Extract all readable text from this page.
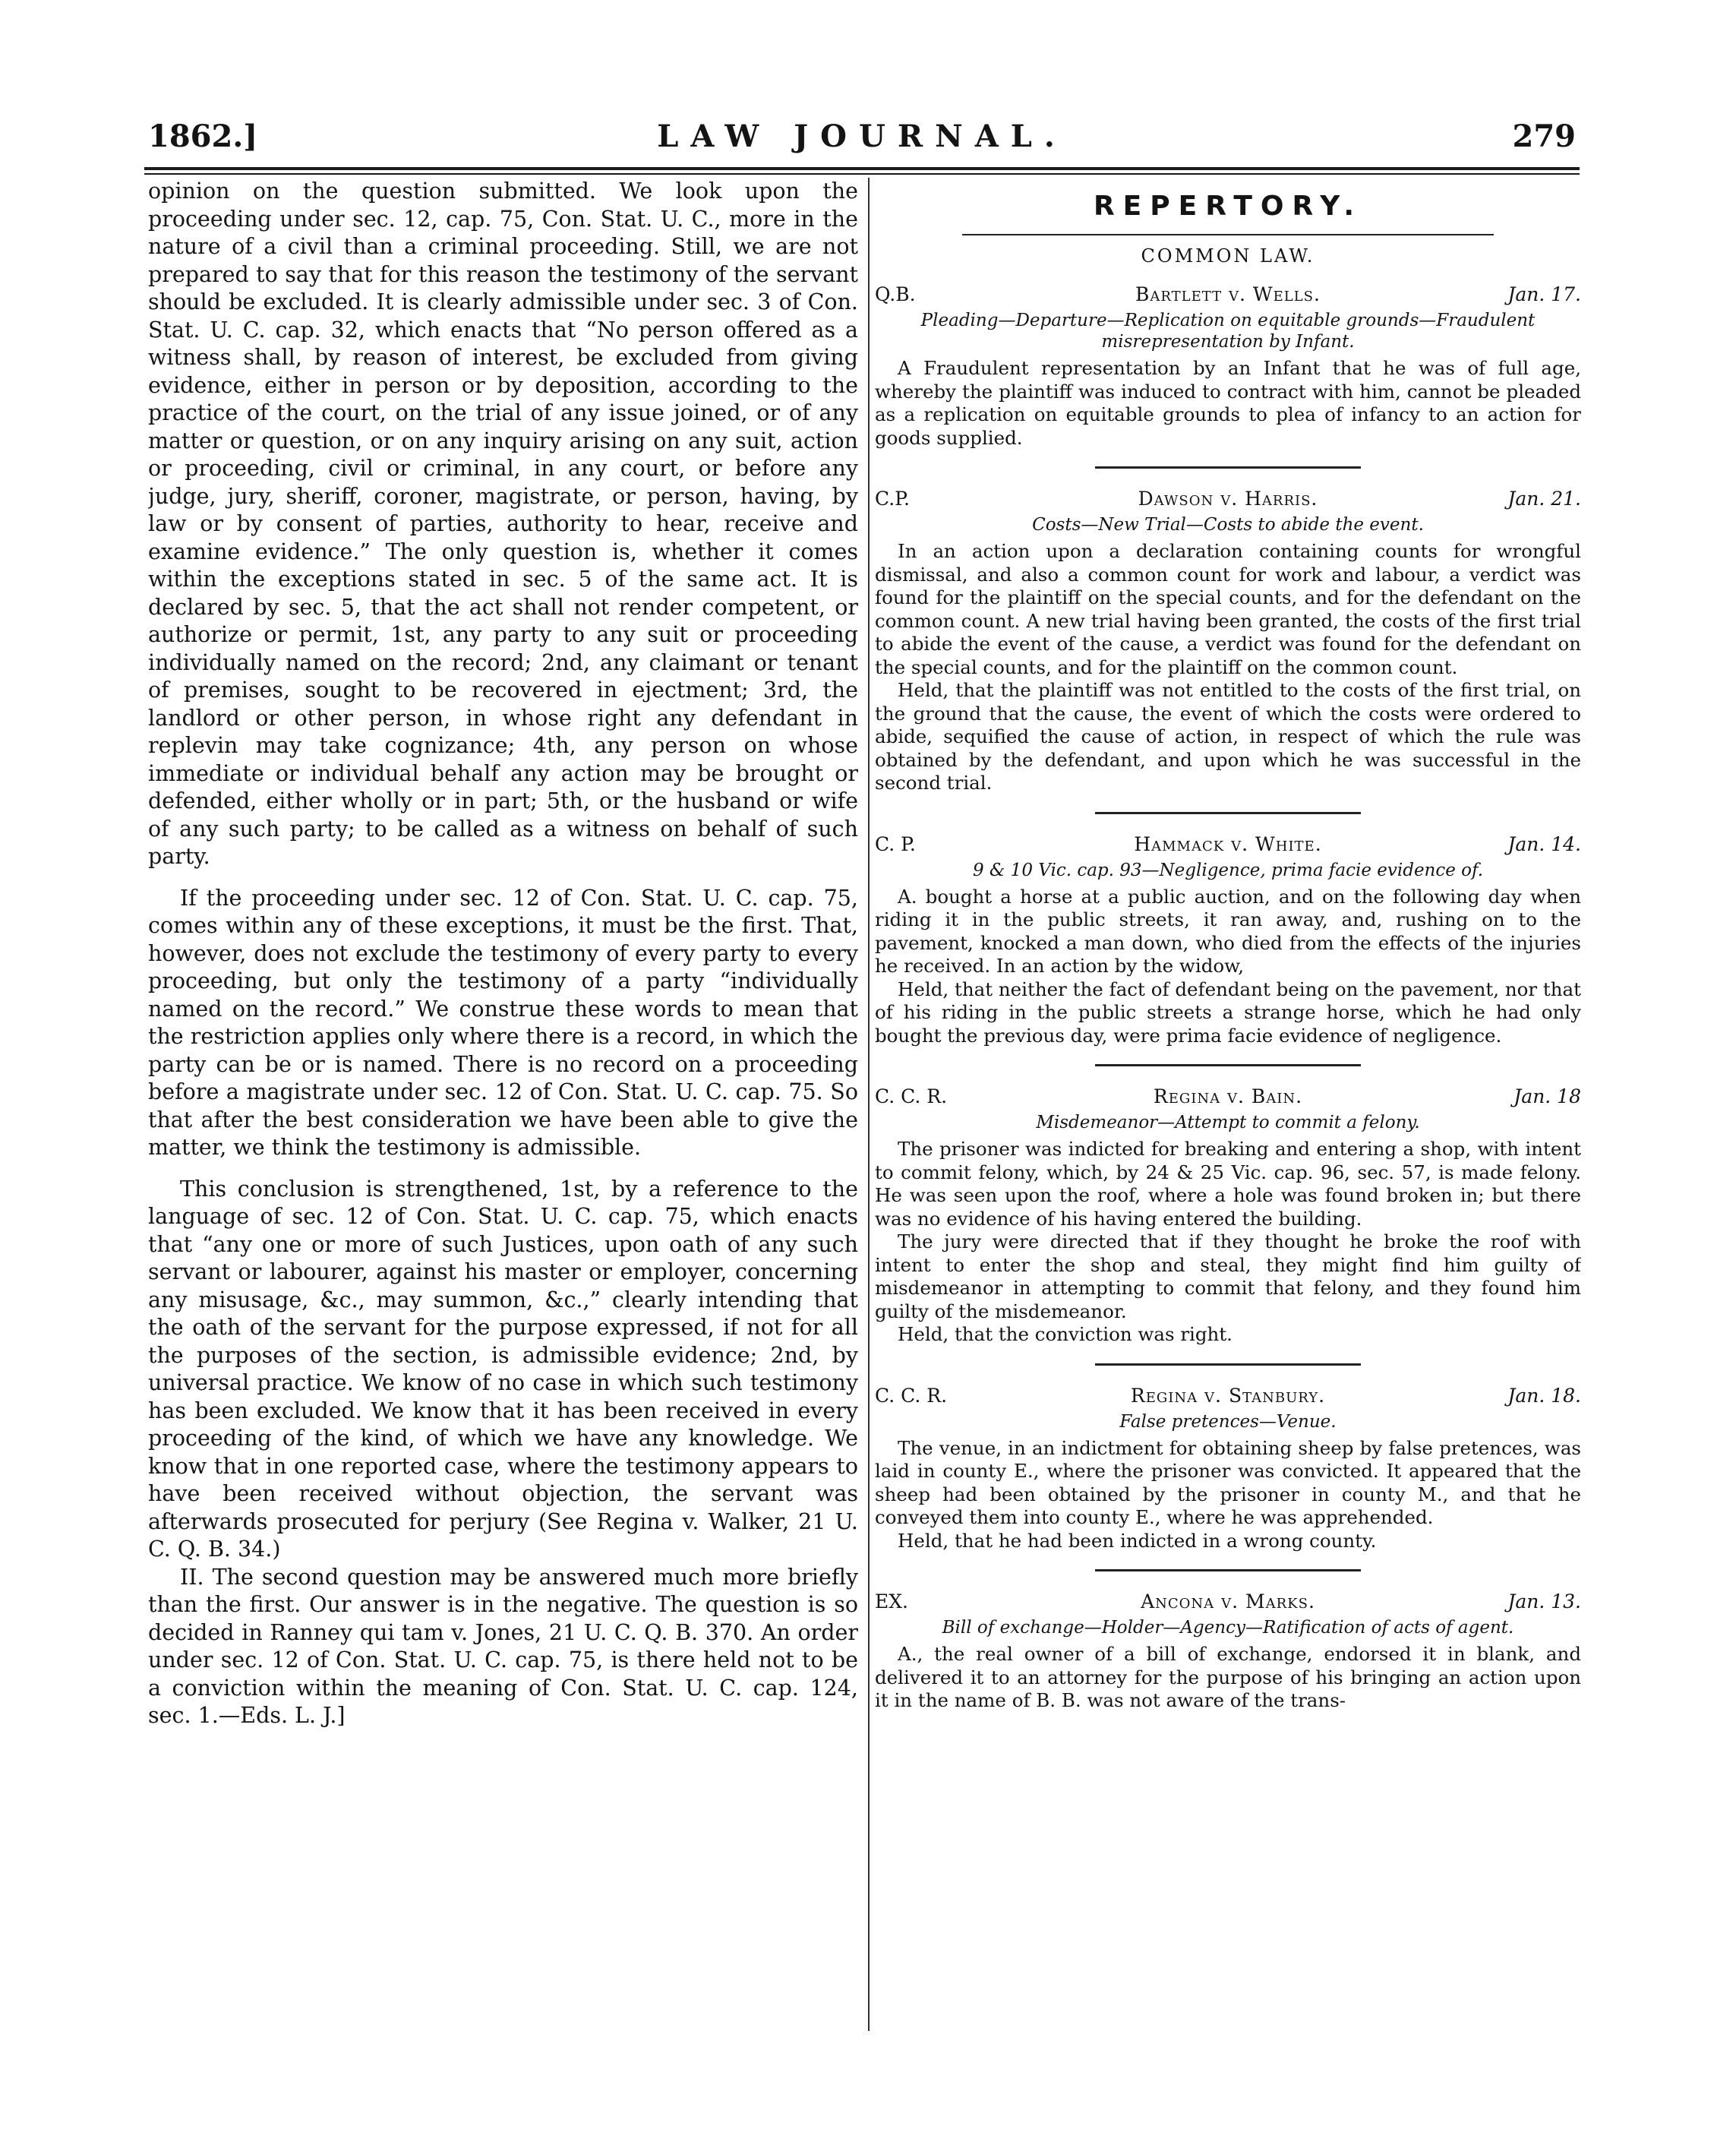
LAW JOURNAL.
1862.]	279

opinion on the question submitted. We look upon the proceeding under sec. 12, cap. 75, Con. Stat. U. C., more in the nature of a civil than a criminal proceeding. Still, we are not prepared to say that for this reason the testimony of the servant should be excluded. It is clearly admissible under sec. 3 of Con. Stat. U. C. cap. 32, which enacts that “No person offered as a witness shall, by reason of interest, be excluded from giving evidence, either in person or by deposition, according to the practice of the court, on the trial of any issue joined, or of any matter or question, or on any inquiry arising on any suit, action or proceeding, civil or criminal, in any court, or before any judge, jury, sheriff, coroner, magistrate, or person, having, by law or by consent of parties, authority to hear, receive and examine evidence.” The only question is, whether it comes within the exceptions stated in sec. 5 of the same act. It is declared by sec. 5, that the act shall not render competent, or authorize or permit, 1st, any party to any suit or proceeding individually named on the record; 2nd, any claimant or tenant of premises, sought to be recovered in ejectment; 3rd, the landlord or other person, in whose right any defendant in replevin may take cognizance; 4th, any person on whose immediate or individual behalf any action may be brought or defended, either wholly or in part; 5th, or the husband or wife of any such party; to be called as a witness on behalf of such party.

If the proceeding under sec. 12 of Con. Stat. U. C. cap. 75, comes within any of these exceptions, it must be the first. That, however, does not exclude the testimony of every party to every proceeding, but only the testimony of a party “individually named on the record.” We construe these words to mean that the restriction applies only where there is a record, in which the party can be or is named. There is no record on a proceeding before a magistrate under sec. 12 of Con. Stat. U. C. cap. 75. So that after the best consideration we have been able to give the matter, we think the testimony is admissible.

This conclusion is strengthened, 1st, by a reference to the language of sec. 12 of Con. Stat. U. C. cap. 75, which enacts that “any one or more of such Justices, upon oath of any such servant or labourer, against his master or employer, concerning any misusage, &c., may summon, &c.,” clearly intending that the oath of the servant for the purpose expressed, if not for all the purposes of the section, is admissible evidence; 2nd, by universal practice. We know of no case in which such testimony has been excluded. We know that it has been received in every proceeding of the kind, of which we have any knowledge. We know that in one reported case, where the testimony appears to have been received without objection, the servant was afterwards prosecuted for perjury (See Regina v. Walker, 21 U. C. Q. B. 34.)

II. The second question may be answered much more briefly than the first. Our answer is in the negative. The question is so decided in Ranney qui tam v. Jones, 21 U. C. Q. B. 370. An order under sec. 12 of Con. Stat. U. C. cap. 75, is there held not to be a conviction within the meaning of Con. Stat. U. C. cap. 124, sec. 1.—Eds. L. J.]

REPERTORY.
COMMON LAW.
Q.B.	Bartlett v. Wells.	Jan. 17.
Pleading—Departure—Replication on equitable grounds—Fraudulent misrepresentation by Infant.

A Fraudulent representation by an Infant that he was of full age, whereby the plaintiff was induced to contract with him, cannot be pleaded as a replication on equitable grounds to plea of infancy to an action for goods supplied.

C.P.	Dawson v. Harris.	Jan. 21.
Costs—New Trial—Costs to abide the event.

In an action upon a declaration containing counts for wrongful dismissal, and also a common count for work and labour, a verdict was found for the plaintiff on the special counts, and for the defendant on the common count. A new trial having been granted, the costs of the first trial to abide the event of the cause, a verdict was found for the defendant on the special counts, and for the plaintiff on the common count.

Held, that the plaintiff was not entitled to the costs of the first trial, on the ground that the cause, the event of which the costs were ordered to abide, sequified the cause of action, in respect of which the rule was obtained by the defendant, and upon which he was successful in the second trial.

C. P.	Hammack v. White.	Jan. 14.
9 & 10 Vic. cap. 93—Negligence, prima facie evidence of.

A. bought a horse at a public auction, and on the following day when riding it in the public streets, it ran away, and, rushing on to the pavement, knocked a man down, who died from the effects of the injuries he received. In an action by the widow,

Held, that neither the fact of defendant being on the pavement, nor that of his riding in the public streets a strange horse, which he had only bought the previous day, were prima facie evidence of negligence.

C. C. R.	Regina v. Bain.	Jan. 18
Misdemeanor—Attempt to commit a felony.

The prisoner was indicted for breaking and entering a shop, with intent to commit felony, which, by 24 & 25 Vic. cap. 96, sec. 57, is made felony. He was seen upon the roof, where a hole was found broken in; but there was no evidence of his having entered the building.

The jury were directed that if they thought he broke the roof with intent to enter the shop and steal, they might find him guilty of misdemeanor in attempting to commit that felony, and they found him guilty of the misdemeanor.

Held, that the conviction was right.

C. C. R.	Regina v. Stanbury.	Jan. 18.
False pretences—Venue.

The venue, in an indictment for obtaining sheep by false pretences, was laid in county E., where the prisoner was convicted. It appeared that the sheep had been obtained by the prisoner in county M., and that he conveyed them into county E., where he was apprehended.

Held, that he had been indicted in a wrong county.

EX.	Ancona v. Marks.	Jan. 13.
Bill of exchange—Holder—Agency—Ratification of acts of agent.

A., the real owner of a bill of exchange, endorsed it in blank, and delivered it to an attorney for the purpose of his bringing an action upon it in the name of B. B. was not aware of the trans-
